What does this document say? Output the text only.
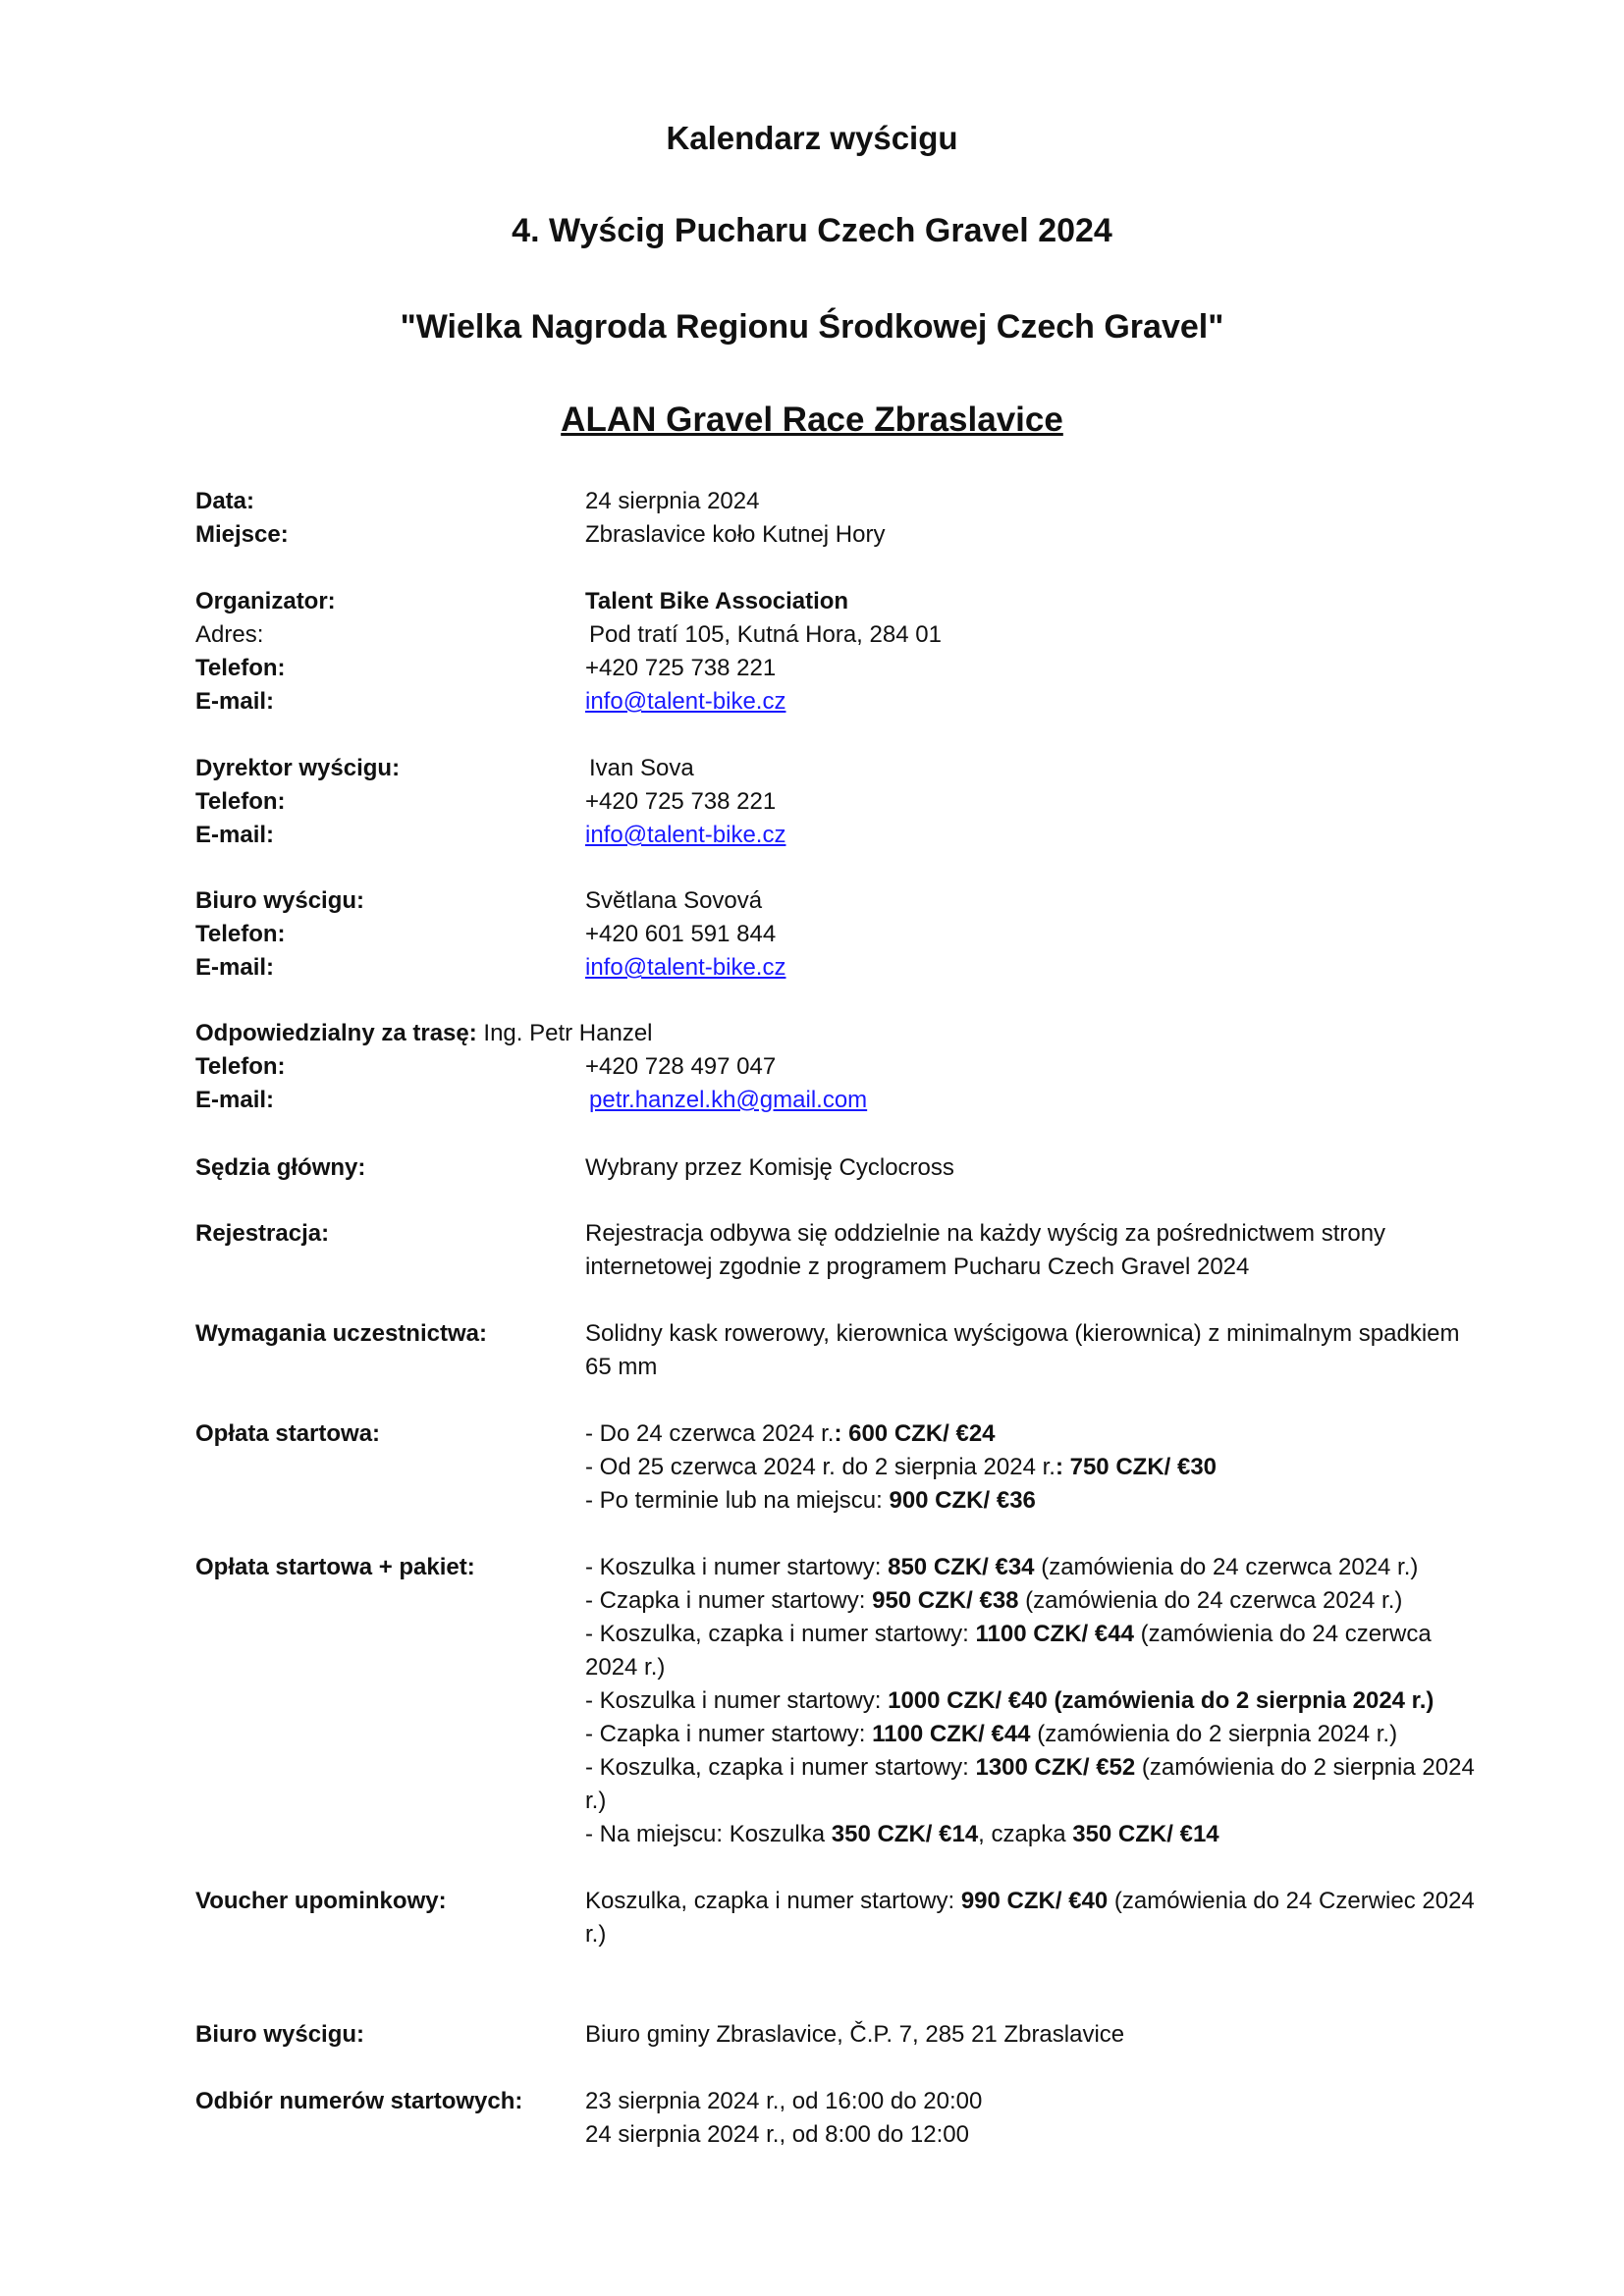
Kalendarz wyścigu
4. Wyścig Pucharu Czech Gravel 2024
"Wielka Nagroda Regionu Środkowej Czech Gravel"
ALAN Gravel Race Zbraslavice
Data:	24 sierpnia 2024
Miejsce:	Zbraslavice koło Kutnej Hory
Organizator:	Talent Bike Association
Adres:	Pod tratí 105, Kutná Hora, 284 01
Telefon:	+420 725 738 221
E-mail:	info@talent-bike.cz
Dyrektor wyścigu:	Ivan Sova
Telefon:	+420 725 738 221
E-mail:	info@talent-bike.cz
Biuro wyścigu:	Světlana Sovová
Telefon:	+420 601 591 844
E-mail:	info@talent-bike.cz
Odpowiedzialny za trasę:
Ing. Petr Hanzel
Telefon:	+420 728 497 047
E-mail:	petr.hanzel.kh@gmail.com
Sędzia główny:	Wybrany przez Komisję Cyclocross
Rejestracja:	Rejestracja odbywa się oddzielnie na każdy wyścig za pośrednictwem strony internetowej zgodnie z programem Pucharu Czech Gravel 2024
Wymagania uczestnictwa:	Solidny kask rowerowy, kierownica wyścigowa (kierownica) z minimalnym spadkiem 65 mm
Opłata startowa:	- Do 24 czerwca 2024 r.: 600 CZK/ €24
- Od 25 czerwca 2024 r. do 2 sierpnia 2024 r.: 750 CZK/ €30
- Po terminie lub na miejscu: 900 CZK/ €36
Opłata startowa + pakiet:	- Koszulka i numer startowy: 850 CZK/ €34 (zamówienia do 24 czerwca 2024 r.)
- Czapka i numer startowy: 950 CZK/ €38 (zamówienia do 24 czerwca 2024 r.)
- Koszulka, czapka i numer startowy: 1100 CZK/ €44 (zamówienia do 24 czerwca 2024 r.)
- Koszulka i numer startowy: 1000 CZK/ €40 (zamówienia do 2 sierpnia 2024 r.)
- Czapka i numer startowy: 1100 CZK/ €44 (zamówienia do 2 sierpnia 2024 r.)
- Koszulka, czapka i numer startowy: 1300 CZK/ €52 (zamówienia do 2 sierpnia 2024 r.)
- Na miejscu: Koszulka 350 CZK/ €14, czapka 350 CZK/ €14
Voucher upominkowy:	Koszulka, czapka i numer startowy: 990 CZK/ €40 (zamówienia do 24 Czerwiec 2024 r.)
Biuro wyścigu:	Biuro gminy Zbraslavice, Č.P. 7, 285 21 Zbraslavice
Odbiór numerów startowych:	23 sierpnia 2024 r., od 16:00 do 20:00
24 sierpnia 2024 r., od 8:00 do 12:00
